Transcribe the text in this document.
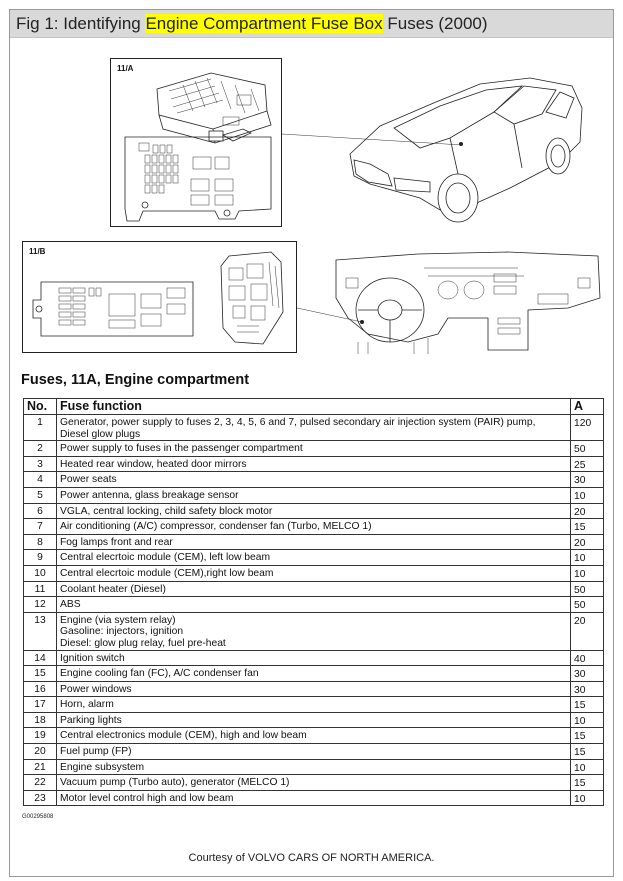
Fig 1: Identifying Engine Compartment Fuse Box Fuses (2000)
11/A
11/B
Fuses, 11A, Engine compartment
No.	Fuse function	A
1	Generator, power supply to fuses 2, 3, 4, 5, 6 and 7, pulsed secondary air injection system (PAIR) pump,
Diesel glow plugs	120
2	Power supply to fuses in the passenger compartment	50
3	Heated rear window, heated door mirrors	25
4	Power seats	30
5	Power antenna, glass breakage sensor	10
6	VGLA, central locking, child safety block motor	20
7	Air conditioning (A/C) compressor, condenser fan (Turbo, MELCO 1)	15
8	Fog lamps front and rear	20
9	Central elecrtoic module (CEM), left low beam	10
10	Central elecrtoic module (CEM),right low beam	10
11	Coolant heater (Diesel)	50
12	ABS	50
13	Engine (via system relay)
Gasoline: injectors, ignition
Diesel: glow plug relay, fuel pre-heat	20
14	Ignition switch	40
15	Engine cooling fan (FC), A/C condenser fan	30
16	Power windows	30
17	Horn, alarm	15
18	Parking lights	10
19	Central electronics module (CEM), high and low beam	15
20	Fuel pump (FP)	15
21	Engine subsystem	10
22	Vacuum pump (Turbo auto), generator (MELCO 1)	15
23	Motor level control high and low beam	10
G00295808
Courtesy of VOLVO CARS OF NORTH AMERICA.
